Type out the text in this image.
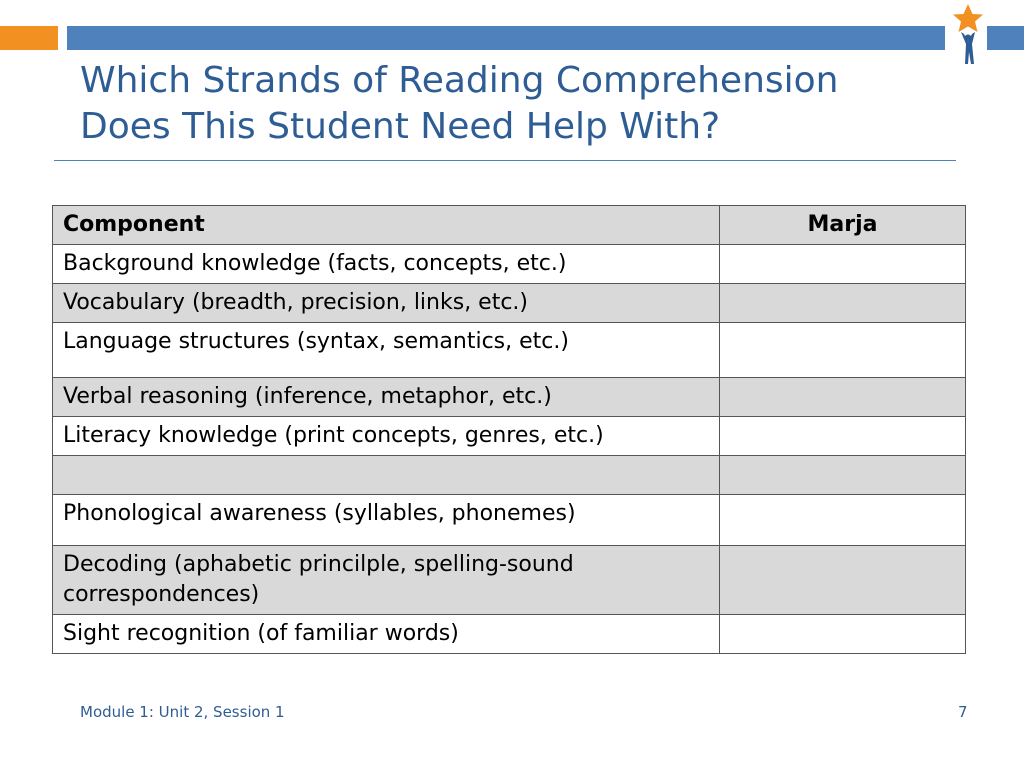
Which Strands of Reading Comprehension
Does This Student Need Help With?
Component	Marja
Background knowledge (facts, concepts, etc.)	
Vocabulary (breadth, precision, links, etc.)	
Language structures (syntax, semantics, etc.)	
Verbal reasoning (inference, metaphor, etc.)	
Literacy knowledge (print concepts, genres, etc.)	

Phonological awareness (syllables, phonemes)	
Decoding (aphabetic princilple, spelling-sound correspondences)	
Sight recognition (of familiar words)	
Module 1: Unit 2, Session 1	7
